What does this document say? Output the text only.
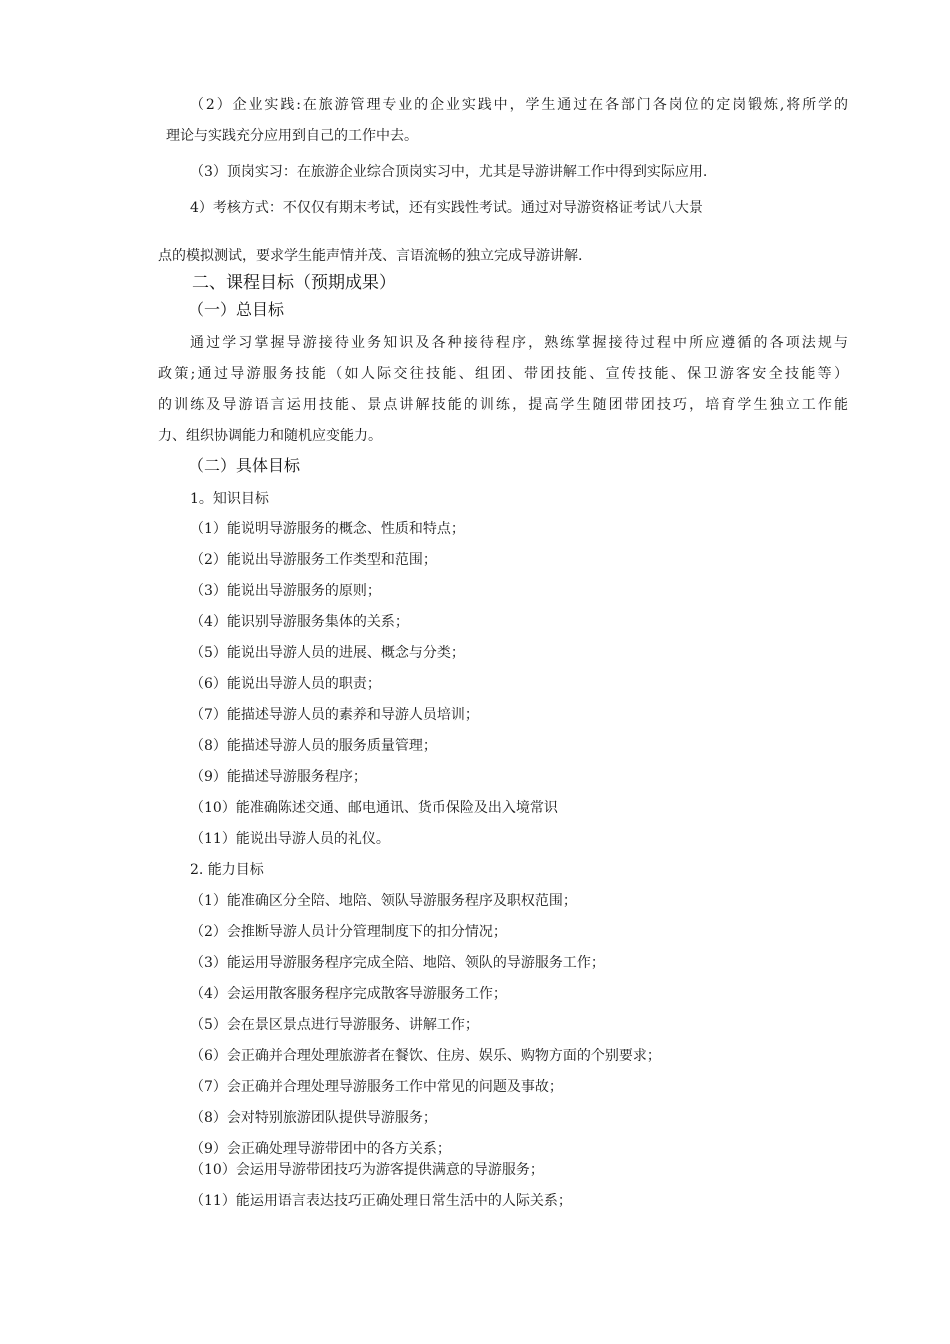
（2）企业实践:在旅游管理专业的企业实践中，学生通过在各部门各岗位的定岗锻炼,将所学的
理论与实践充分应用到自己的工作中去。
（3）顶岗实习：在旅游企业综合顶岗实习中，尤其是导游讲解工作中得到实际应用.
4）考核方式：不仅仅有期末考试，还有实践性考试。通过对导游资格证考试八大景
点的模拟测试，要求学生能声情并茂、言语流畅的独立完成导游讲解.
二、课程目标（预期成果）
（一）总目标
通过学习掌握导游接待业务知识及各种接待程序，熟练掌握接待过程中所应遵循的各项法规与
政策;通过导游服务技能（如人际交往技能、组团、带团技能、宣传技能、保卫游客安全技能等）
的训练及导游语言运用技能、景点讲解技能的训练，提高学生随团带团技巧，培育学生独立工作能
力、组织协调能力和随机应变能力。
（二）具体目标
1。知识目标
（1）能说明导游服务的概念、性质和特点；
（2）能说出导游服务工作类型和范围；
（3）能说出导游服务的原则；
（4）能识别导游服务集体的关系；
（5）能说出导游人员的进展、概念与分类；
（6）能说出导游人员的职责；
（7）能描述导游人员的素养和导游人员培训；
（8）能描述导游人员的服务质量管理；
（9）能描述导游服务程序；
（10）能准确陈述交通、邮电通讯、货币保险及出入境常识
（11）能说出导游人员的礼仪。
2. 能力目标
（1）能准确区分全陪、地陪、领队导游服务程序及职权范围；
（2）会推断导游人员计分管理制度下的扣分情况；
（3）能运用导游服务程序完成全陪、地陪、领队的导游服务工作；
（4）会运用散客服务程序完成散客导游服务工作；
（5）会在景区景点进行导游服务、讲解工作；
（6）会正确并合理处理旅游者在餐饮、住房、娱乐、购物方面的个别要求；
（7）会正确并合理处理导游服务工作中常见的问题及事故；
（8）会对特别旅游团队提供导游服务；
（9）会正确处理导游带团中的各方关系；
（10）会运用导游带团技巧为游客提供满意的导游服务；
（11）能运用语言表达技巧正确处理日常生活中的人际关系；
